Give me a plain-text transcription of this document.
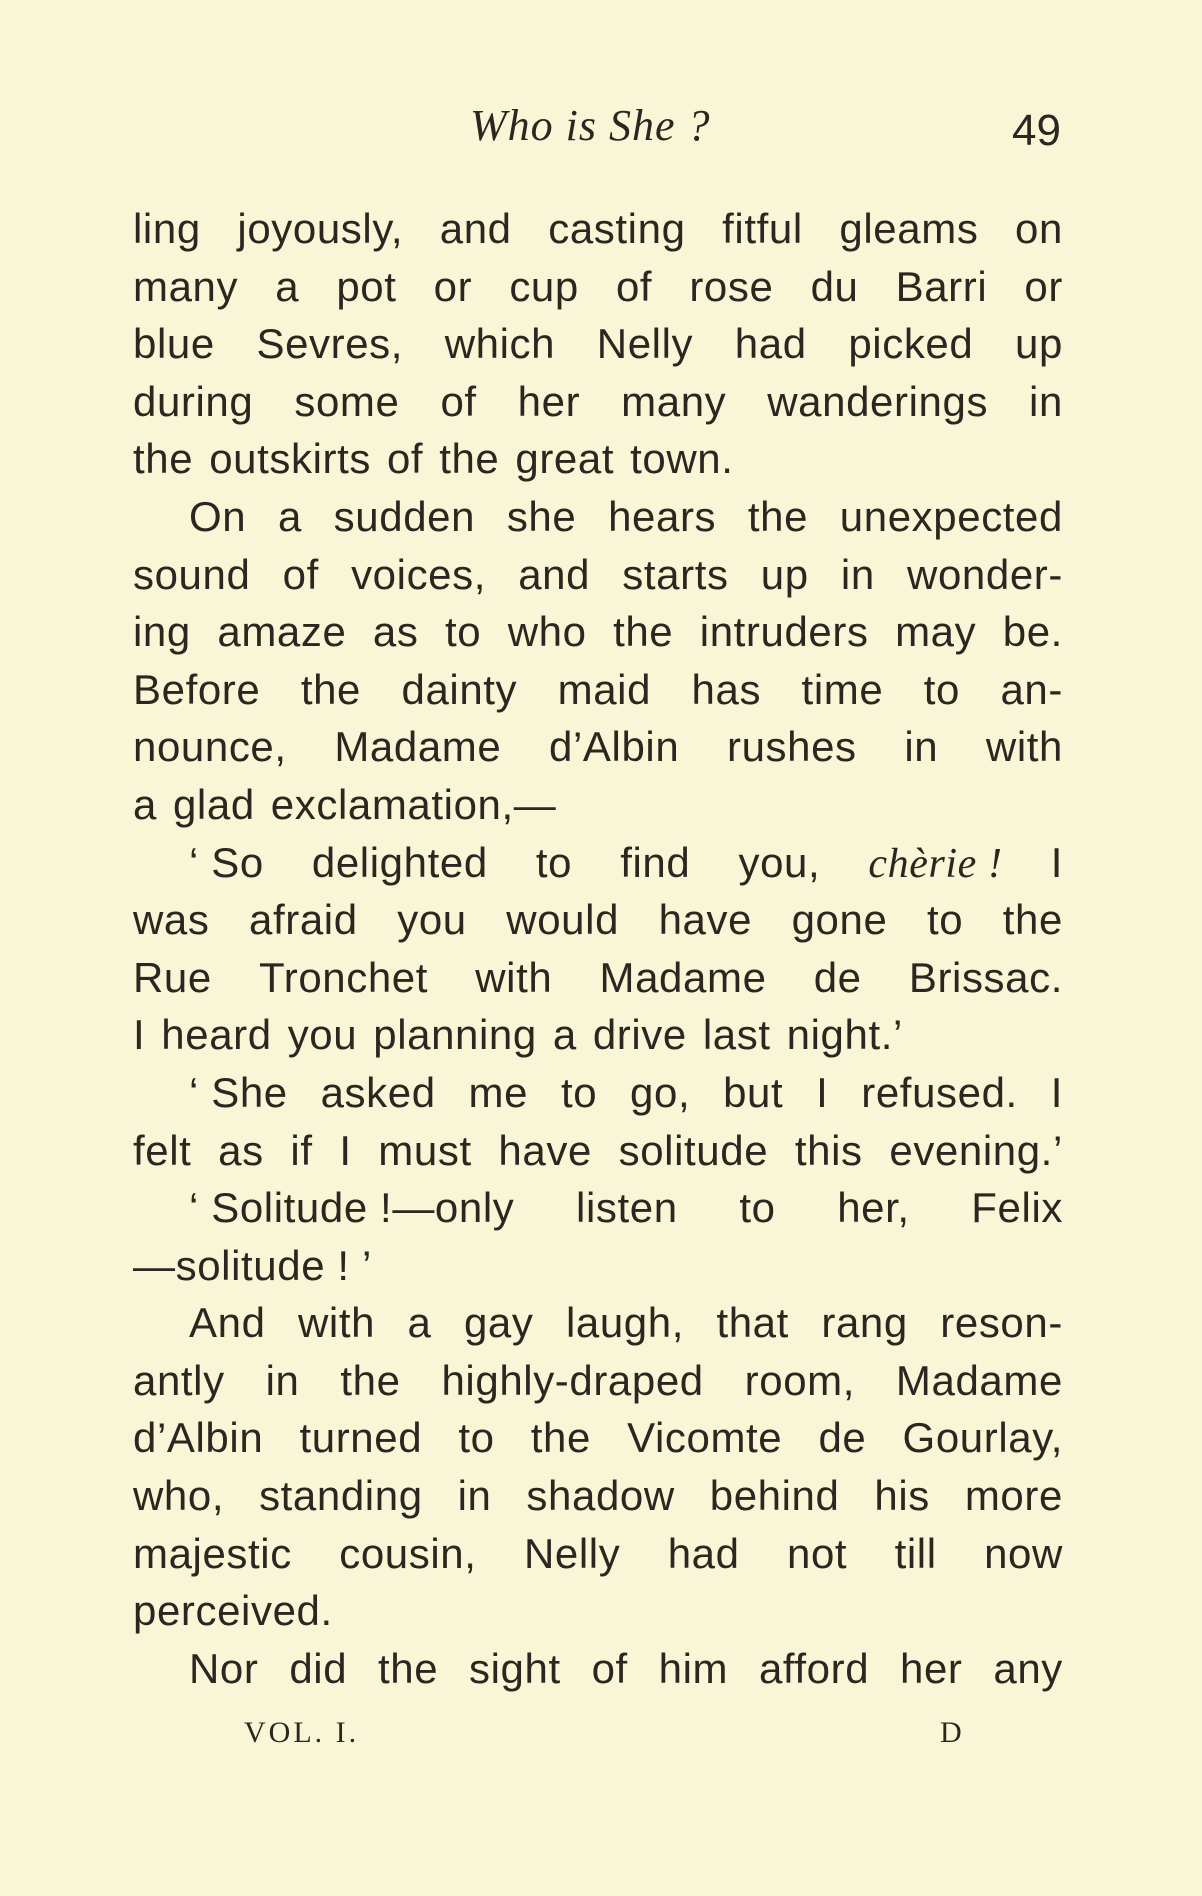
Who is She ?	49
ling joyously, and casting fitful gleams on
many a pot or cup of rose du Barri or
blue Sevres, which Nelly had picked up
during some of her many wanderings in
the outskirts of the great town.
On a sudden she hears the unexpected
sound of voices, and starts up in wonder-
ing amaze as to who the intruders may be.
Before the dainty maid has time to an-
nounce, Madame d’Albin rushes in with
a glad exclamation,—
‘ So delighted to find you, chèrie ! I
was afraid you would have gone to the
Rue Tronchet with Madame de Brissac.
I heard you planning a drive last night.’
‘ She asked me to go, but I refused. I
felt as if I must have solitude this evening.’
‘ Solitude !—only listen to her, Felix
—solitude ! ’
And with a gay laugh, that rang reson-
antly in the highly-draped room, Madame
d’Albin turned to the Vicomte de Gourlay,
who, standing in shadow behind his more
majestic cousin, Nelly had not till now
perceived.
Nor did the sight of him afford her any
VOL. I.	D
